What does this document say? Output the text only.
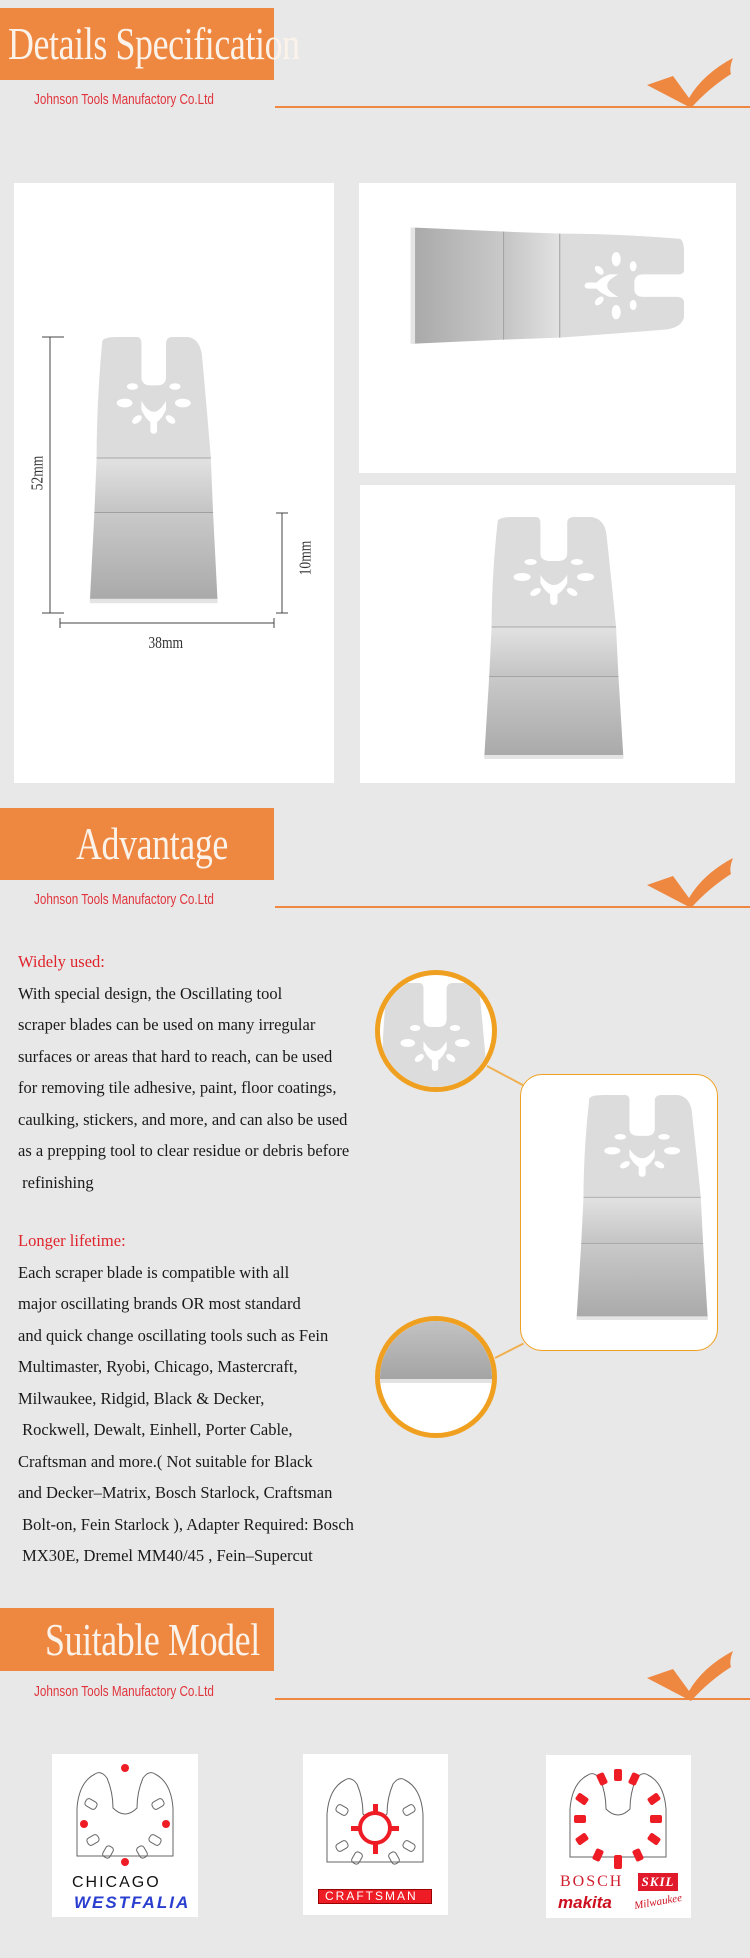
Details Specification
Johnson Tools Manufactory Co.Ltd
52mm
10mm
38mm
Advantage
Johnson Tools Manufactory Co.Ltd
Widely used:
With special design, the Oscillating tool
scraper blades can be used on many irregular
surfaces or areas that hard to reach, can be used
for removing tile adhesive, paint, floor coatings,
caulking, stickers, and more, and can also be used
as a prepping tool to clear residue or debris before
refinishing
Longer lifetime:
Each scraper blade is compatible with all
major oscillating brands OR most standard
and quick change oscillating tools such as Fein
Multimaster, Ryobi, Chicago, Mastercraft,
Milwaukee, Ridgid, Black & Decker,
Rockwell, Dewalt, Einhell, Porter Cable,
Craftsman and more.( Not suitable for Black
and Decker–Matrix, Bosch Starlock, Craftsman
Bolt-on, Fein Starlock ), Adapter Required: Bosch
MX30E, Dremel MM40/45 , Fein–Supercut
Suitable Model
Johnson Tools Manufactory Co.Ltd
CHICAGO
WESTFALIA	CRAFTSMAN
BOSCH SKIL
makita Milwaukee
